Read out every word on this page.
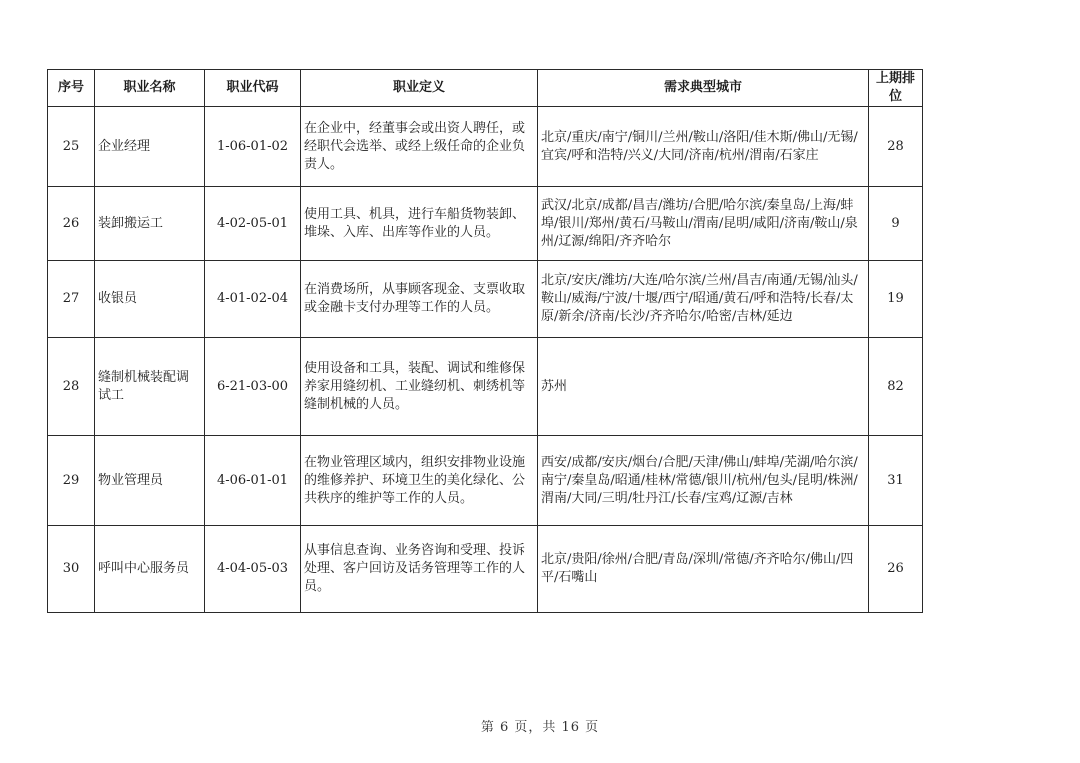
序号	职业名称	职业代码	职业定义	需求典型城市	上期排位
25	企业经理	1-06-01-02	在企业中，经董事会或出资人聘任，或经职代会选举、或经上级任命的企业负责人。	北京/重庆/南宁/铜川/兰州/鞍山/洛阳/佳木斯/佛山/无锡/宜宾/呼和浩特/兴义/大同/济南/杭州/渭南/石家庄	28
26	装卸搬运工	4-02-05-01	使用工具、机具，进行车船货物装卸、堆垛、入库、出库等作业的人员。	武汉/北京/成都/昌吉/潍坊/合肥/哈尔滨/秦皇岛/上海/蚌埠/银川/郑州/黄石/马鞍山/渭南/昆明/咸阳/济南/鞍山/泉州/辽源/绵阳/齐齐哈尔	9
27	收银员	4-01-02-04	在消费场所，从事顾客现金、支票收取或金融卡支付办理等工作的人员。	北京/安庆/潍坊/大连/哈尔滨/兰州/昌吉/南通/无锡/汕头/鞍山/威海/宁波/十堰/西宁/昭通/黄石/呼和浩特/长春/太原/新余/济南/长沙/齐齐哈尔/哈密/吉林/延边	19
28	缝制机械装配调试工	6-21-03-00	使用设备和工具，装配、调试和维修保养家用缝纫机、工业缝纫机、刺绣机等缝制机械的人员。	苏州	82
29	物业管理员	4-06-01-01	在物业管理区域内，组织安排物业设施的维修养护、环境卫生的美化绿化、公共秩序的维护等工作的人员。	西安/成都/安庆/烟台/合肥/天津/佛山/蚌埠/芜湖/哈尔滨/南宁/秦皇岛/昭通/桂林/常德/银川/杭州/包头/昆明/株洲/渭南/大同/三明/牡丹江/长春/宝鸡/辽源/吉林	31
30	呼叫中心服务员	4-04-05-03	从事信息查询、业务咨询和受理、投诉处理、客户回访及话务管理等工作的人员。	北京/贵阳/徐州/合肥/青岛/深圳/常德/齐齐哈尔/佛山/四平/石嘴山	26
第 6 页，共 16 页
